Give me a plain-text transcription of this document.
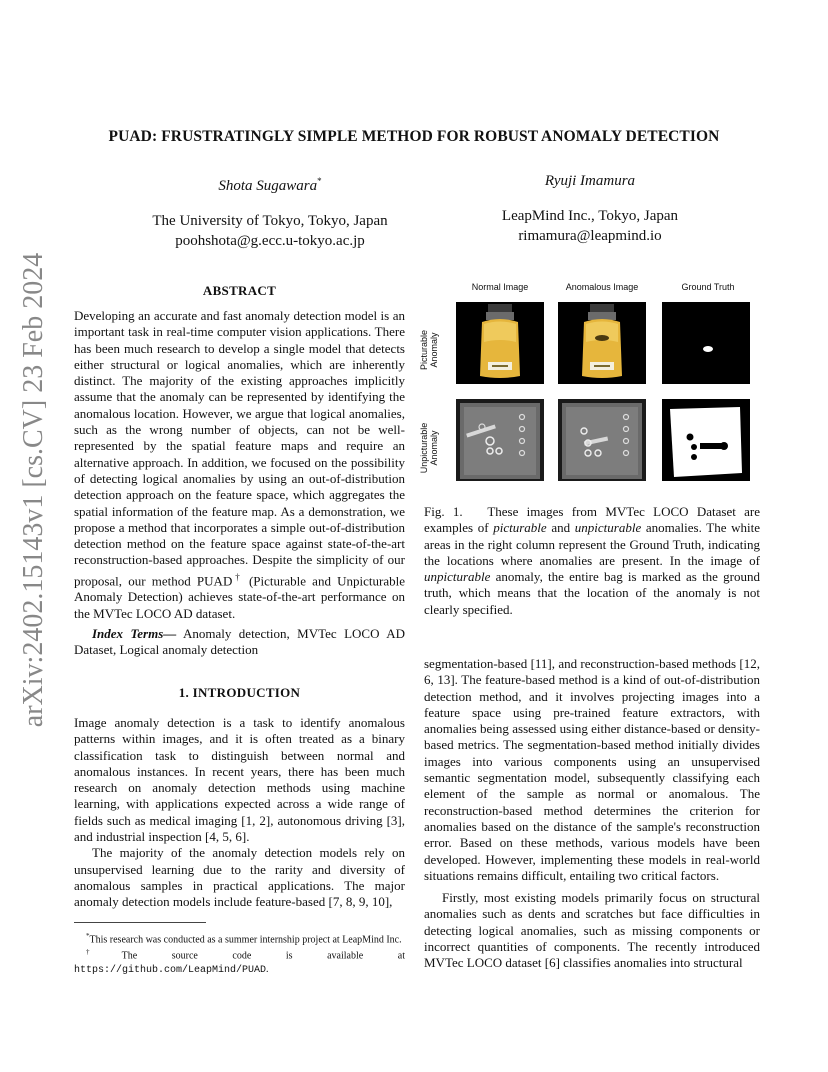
arXiv:2402.15143v1 [cs.CV] 23 Feb 2024
PUAD: FRUSTRATINGLY SIMPLE METHOD FOR ROBUST ANOMALY DETECTION
Shota Sugawara*
The University of Tokyo, Tokyo, Japan
poohshota@g.ecc.u-tokyo.ac.jp
Ryuji Imamura
LeapMind Inc., Tokyo, Japan
rimamura@leapmind.io
ABSTRACT

Developing an accurate and fast anomaly detection model is an important task in real-time computer vision applications. There has been much research to develop a single model that detects either structural or logical anomalies, which are inherently distinct. The majority of the existing approaches implicitly assume that the anomaly can be represented by identifying the anomalous location. However, we argue that logical anomalies, such as the wrong number of objects, can not be well-represented by the spatial feature maps and require an alternative approach. In addition, we focused on the possibility of detecting logical anomalies by using an out-of-distribution detection approach on the feature space, which aggregates the spatial information of the feature map. As a demonstration, we propose a method that incorporates a simple out-of-distribution detection method on the feature space against state-of-the-art reconstruction-based approaches. Despite the simplicity of our proposal, our method PUAD† (Picturable and Unpicturable Anomaly Detection) achieves state-of-the-art performance on the MVTec LOCO AD dataset.

Index Terms— Anomaly detection, MVTec LOCO AD Dataset, Logical anomaly detection

1. INTRODUCTION

Image anomaly detection is a task to identify anomalous patterns within images, and it is often treated as a binary classification task to distinguish between normal and anomalous instances. In recent years, there has been much research on anomaly detection methods using machine learning, with applications expected across a wide range of fields such as medical imaging [1, 2], autonomous driving [3], and industrial inspection [4, 5, 6].

The majority of the anomaly detection models rely on unsupervised learning due to the rarity and diversity of anomalous samples in practical applications. The major anomaly detection models include feature-based [7, 8, 9, 10],

*This research was conducted as a summer internship project at LeapMind Inc.
†The source code is available at https://github.com/LeapMind/PUAD.
Normal Image	Anomalous Image	Ground Truth
Picturable Anomaly
Unpicturable Anomaly
Fig. 1. These images from MVTec LOCO Dataset are examples of picturable and unpicturable anomalies. The white areas in the right column represent the Ground Truth, indicating the locations where anomalies are present. In the image of unpicturable anomaly, the entire bag is marked as the ground truth, which means that the location of the anomaly is not clearly specified.

segmentation-based [11], and reconstruction-based methods [12, 6, 13]. The feature-based method is a kind of out-of-distribution detection method, and it involves projecting images into a feature space using pre-trained feature extractors, with anomalies being assessed using either distance-based or density-based metrics. The segmentation-based method initially divides images into various components using an unsupervised semantic segmentation model, subsequently classifying each element of the sample as normal or anomalous. The reconstruction-based method determines the criterion for anomalies based on the distance of the sample's reconstruction error. Based on these methods, various models have been developed. However, implementing these models in real-world situations remains difficult, entailing two critical factors.

Firstly, most existing models primarily focus on structural anomalies such as dents and scratches but face difficulties in detecting logical anomalies, such as missing components or incorrect quantities of components. The recently introduced MVTec LOCO dataset [6] classifies anomalies into structural
